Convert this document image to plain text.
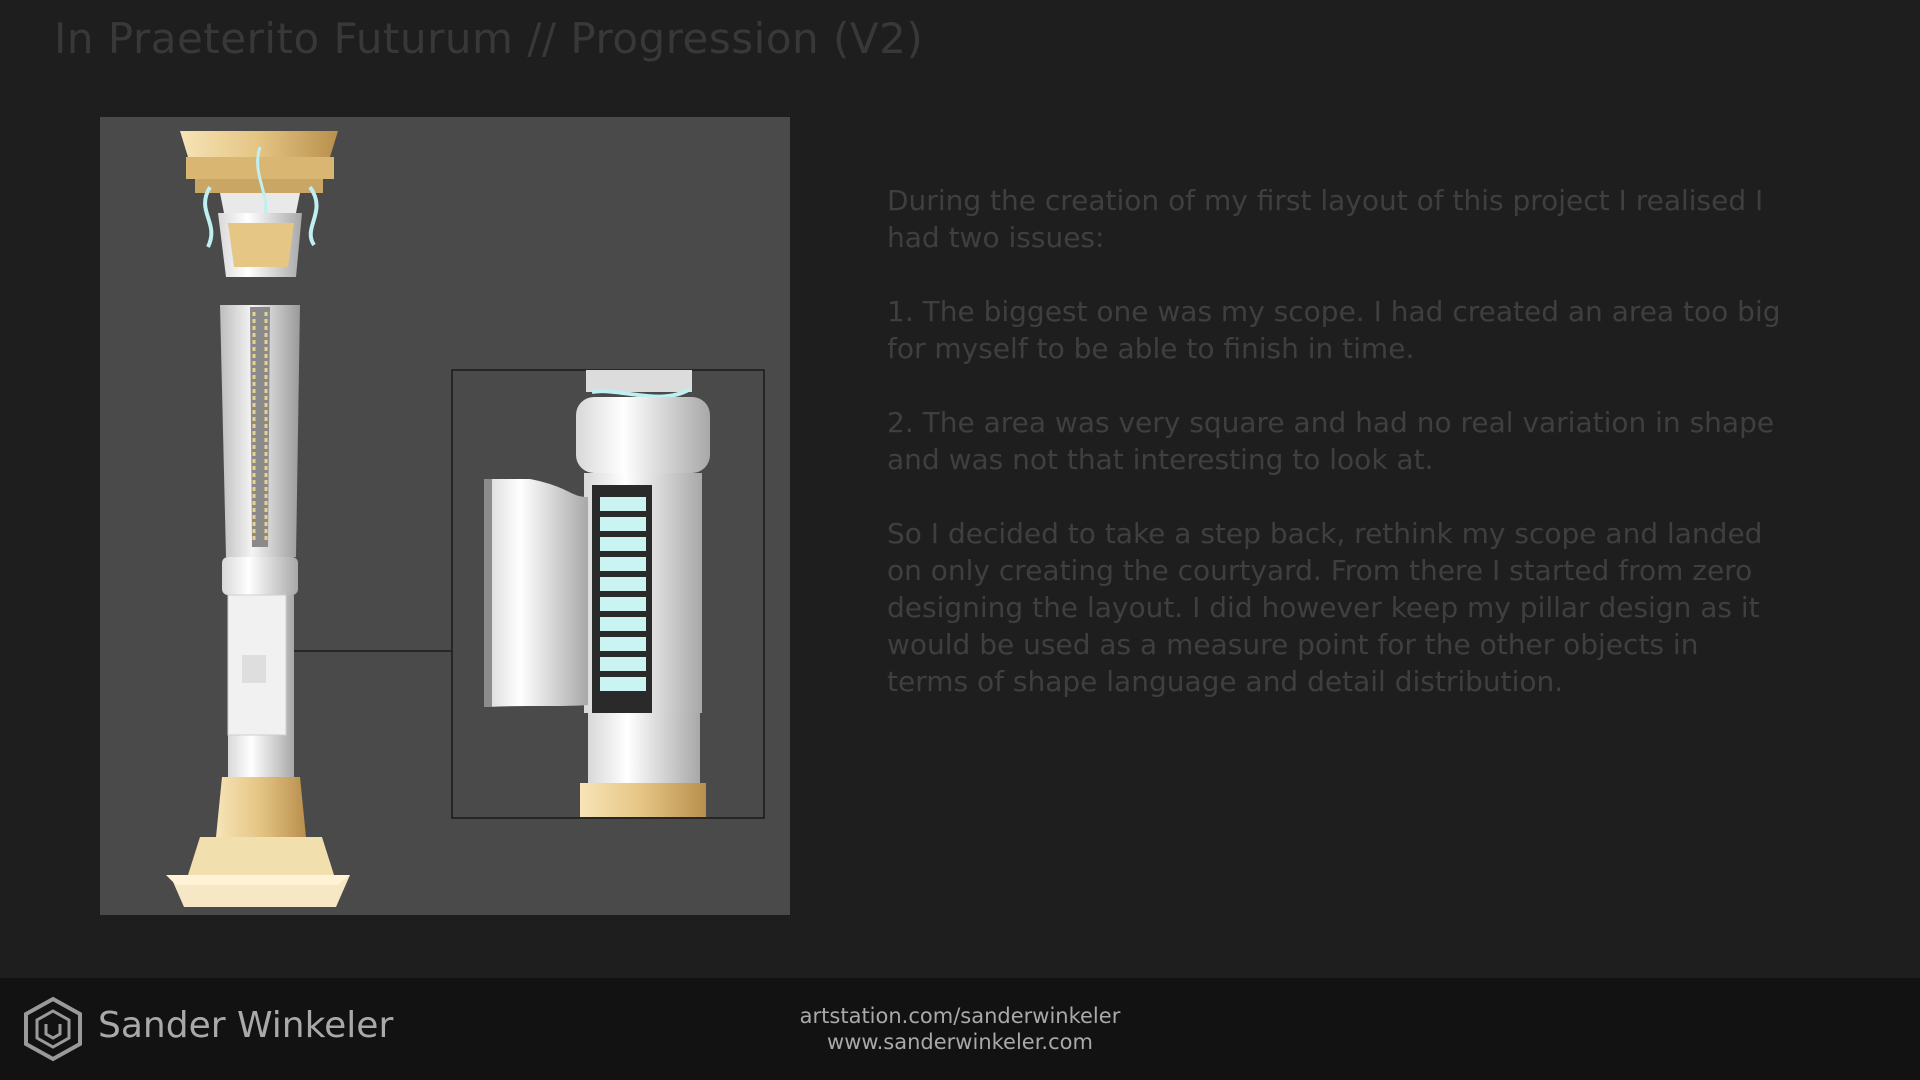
In Praeterito Futurum // Progression (V2)

During the creation of my first layout of this project I realised I had two issues:

1. The biggest one was my scope. I had created an area too big for myself to be able to finish in time.

2. The area was very square and had no real variation in shape and was not that interesting to look at.

So I decided to take a step back, rethink my scope and landed on only creating the courtyard. From there I started from zero designing the layout. I did however keep my pillar design as it would be used as a measure point for the other objects in terms of shape language and detail distribution.

Sander Winkeler	artstation.com/sanderwinkeler
www.sanderwinkeler.com
